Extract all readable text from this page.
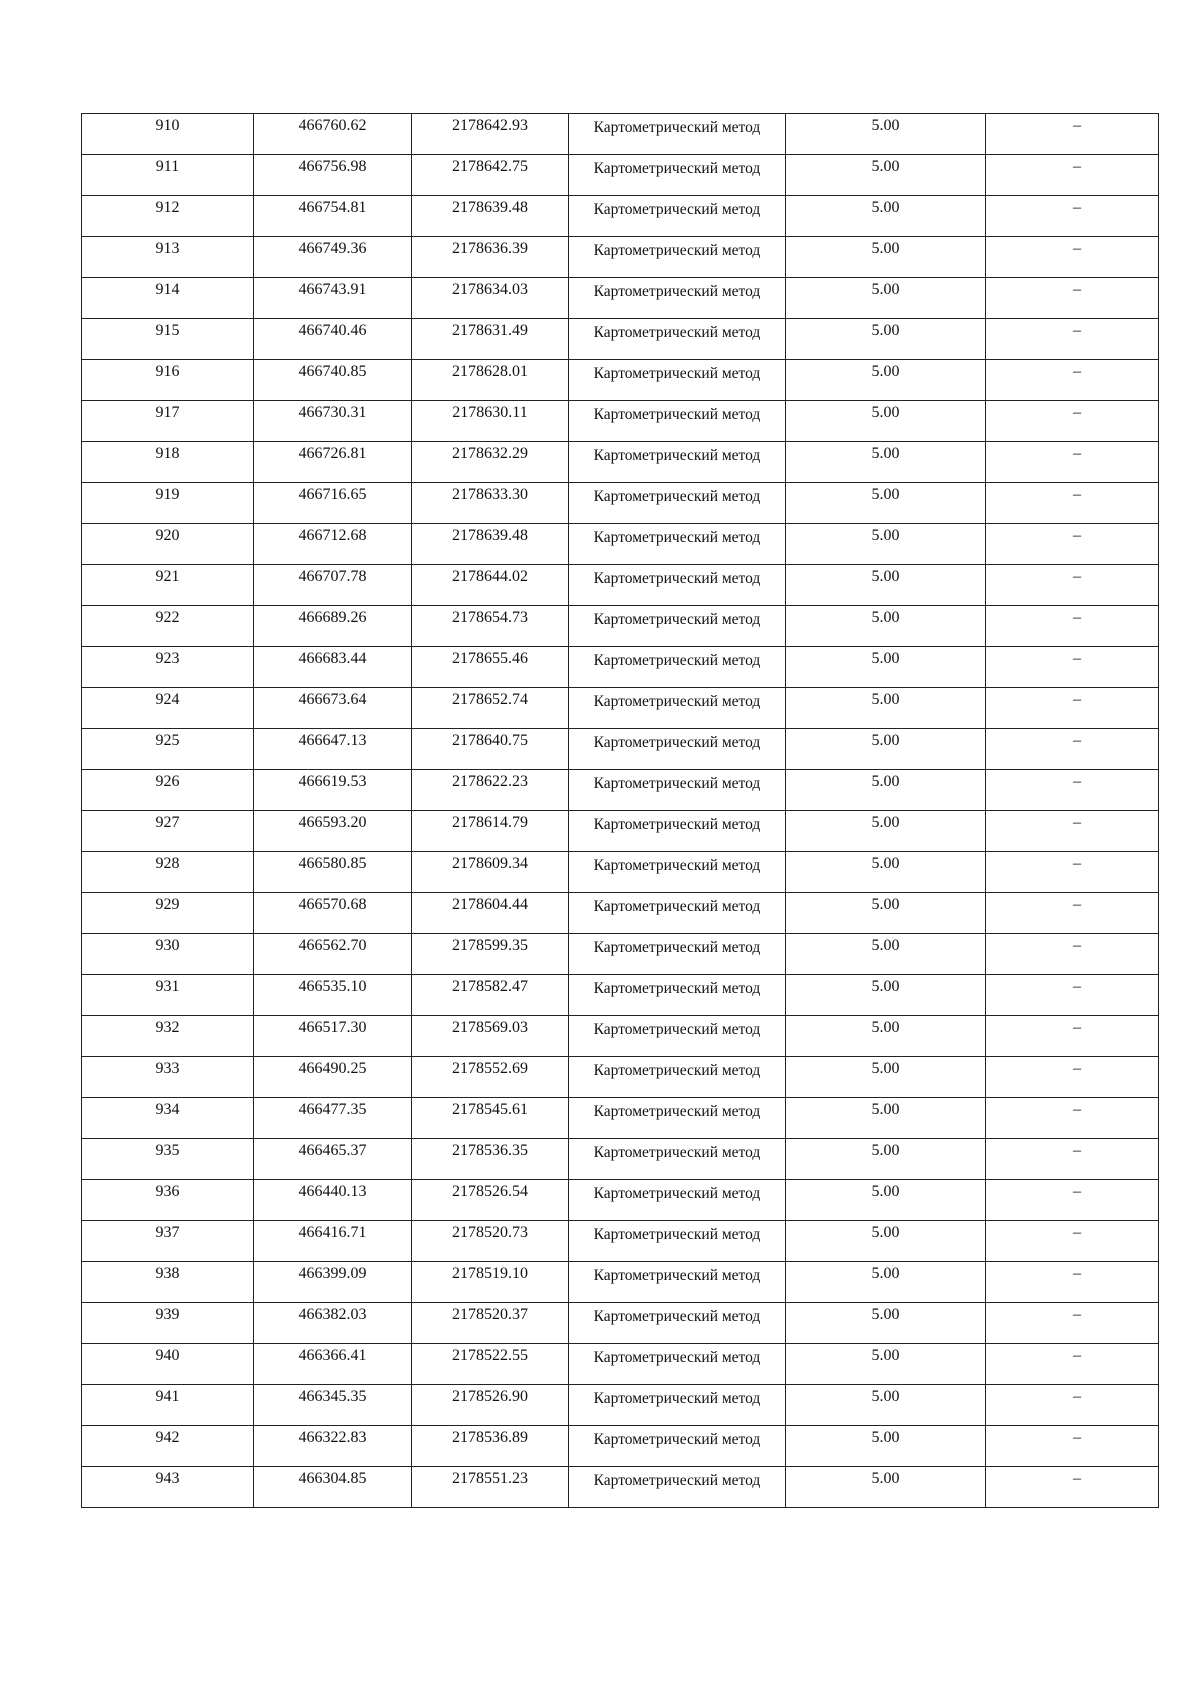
910	466760.62	2178642.93	Картометрический метод	5.00	–

911	466756.98	2178642.75	Картометрический метод	5.00	–

912	466754.81	2178639.48	Картометрический метод	5.00	–

913	466749.36	2178636.39	Картометрический метод	5.00	–

914	466743.91	2178634.03	Картометрический метод	5.00	–

915	466740.46	2178631.49	Картометрический метод	5.00	–

916	466740.85	2178628.01	Картометрический метод	5.00	–

917	466730.31	2178630.11	Картометрический метод	5.00	–

918	466726.81	2178632.29	Картометрический метод	5.00	–

919	466716.65	2178633.30	Картометрический метод	5.00	–

920	466712.68	2178639.48	Картометрический метод	5.00	–

921	466707.78	2178644.02	Картометрический метод	5.00	–

922	466689.26	2178654.73	Картометрический метод	5.00	–

923	466683.44	2178655.46	Картометрический метод	5.00	–

924	466673.64	2178652.74	Картометрический метод	5.00	–

925	466647.13	2178640.75	Картометрический метод	5.00	–

926	466619.53	2178622.23	Картометрический метод	5.00	–

927	466593.20	2178614.79	Картометрический метод	5.00	–

928	466580.85	2178609.34	Картометрический метод	5.00	–

929	466570.68	2178604.44	Картометрический метод	5.00	–

930	466562.70	2178599.35	Картометрический метод	5.00	–

931	466535.10	2178582.47	Картометрический метод	5.00	–

932	466517.30	2178569.03	Картометрический метод	5.00	–

933	466490.25	2178552.69	Картометрический метод	5.00	–

934	466477.35	2178545.61	Картометрический метод	5.00	–

935	466465.37	2178536.35	Картометрический метод	5.00	–

936	466440.13	2178526.54	Картометрический метод	5.00	–

937	466416.71	2178520.73	Картометрический метод	5.00	–

938	466399.09	2178519.10	Картометрический метод	5.00	–

939	466382.03	2178520.37	Картометрический метод	5.00	–

940	466366.41	2178522.55	Картометрический метод	5.00	–

941	466345.35	2178526.90	Картометрический метод	5.00	–

942	466322.83	2178536.89	Картометрический метод	5.00	–

943	466304.85	2178551.23	Картометрический метод	5.00	–
